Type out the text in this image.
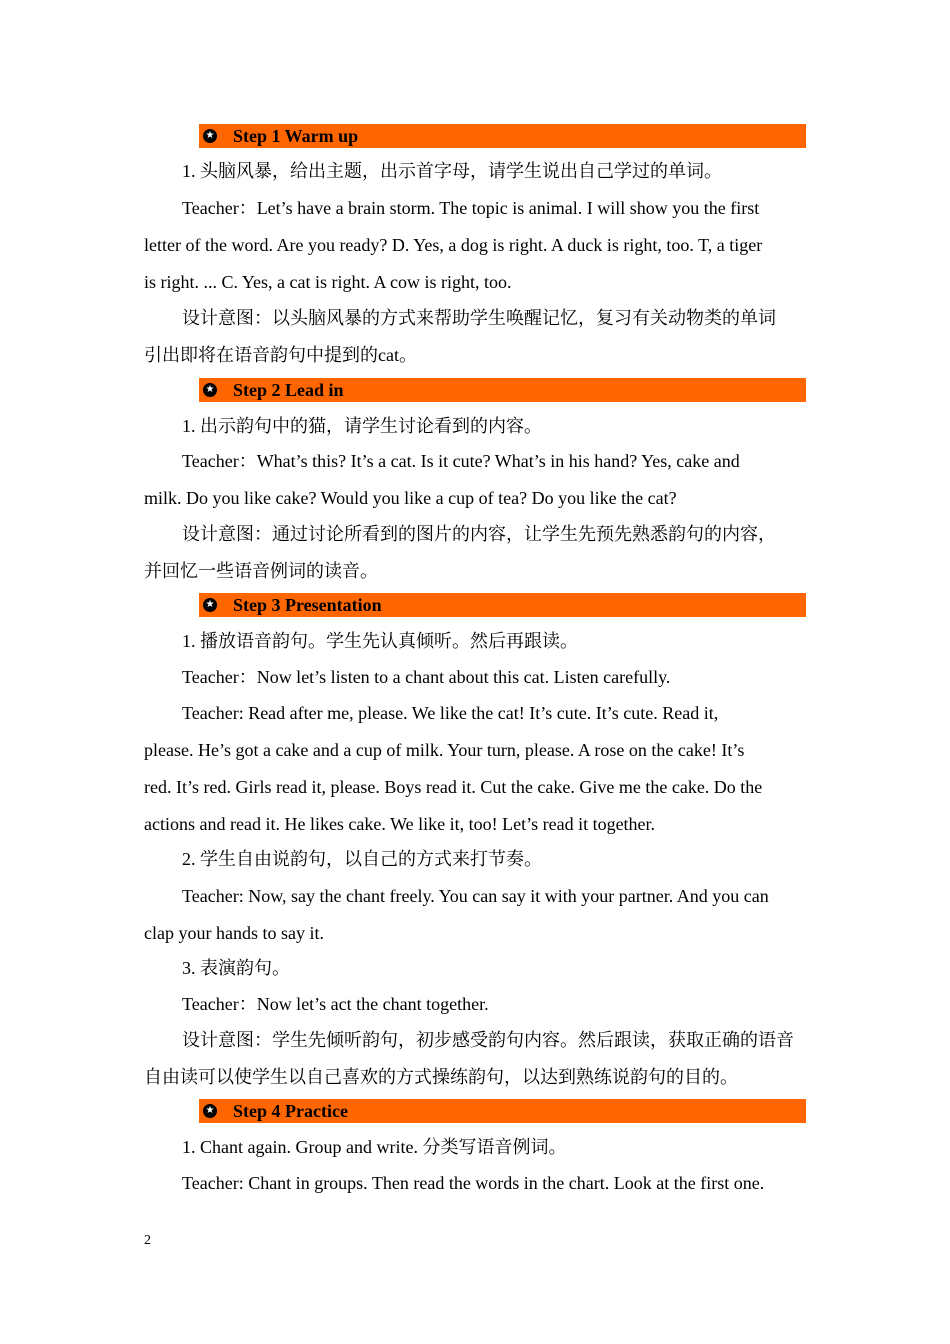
★ Step 1 Warm up
1. 头脑风暴，给出主题，出示首字母，请学生说出自己学过的单词。
Teacher：Let’s have a brain storm. The topic is animal. I will show you the first
letter of the word. Are you ready? D. Yes, a dog is right. A duck is right, too. T, a tiger
is right. ... C. Yes, a cat is right. A cow is right, too.
设计意图：以头脑风暴的方式来帮助学生唤醒记忆，复习有关动物类的单词
引出即将在语音韵句中提到的cat。
★ Step 2 Lead in
1. 出示韵句中的猫，请学生讨论看到的内容。
Teacher：What’s this? It’s a cat. Is it cute? What’s in his hand? Yes, cake and
milk. Do you like cake? Would you like a cup of tea? Do you like the cat?
设计意图：通过讨论所看到的图片的内容，让学生先预先熟悉韵句的内容，
并回忆一些语音例词的读音。
★ Step 3 Presentation
1. 播放语音韵句。学生先认真倾听。然后再跟读。
Teacher：Now let’s listen to a chant about this cat. Listen carefully.
Teacher: Read after me, please. We like the cat! It’s cute. It’s cute. Read it,
please. He’s got a cake and a cup of milk. Your turn, please. A rose on the cake! It’s
red. It’s red. Girls read it, please. Boys read it. Cut the cake. Give me the cake. Do the
actions and read it. He likes cake. We like it, too! Let’s read it together.
2. 学生自由说韵句，以自己的方式来打节奏。
Teacher: Now, say the chant freely. You can say it with your partner. And you can
clap your hands to say it.
3. 表演韵句。
Teacher：Now let’s act the chant together.
设计意图：学生先倾听韵句，初步感受韵句内容。然后跟读，获取正确的语音
自由读可以使学生以自己喜欢的方式操练韵句，以达到熟练说韵句的目的。
★ Step 4 Practice
1. Chant again. Group and write. 分类写语音例词。
Teacher: Chant in groups. Then read the words in the chart. Look at the first one.
2
